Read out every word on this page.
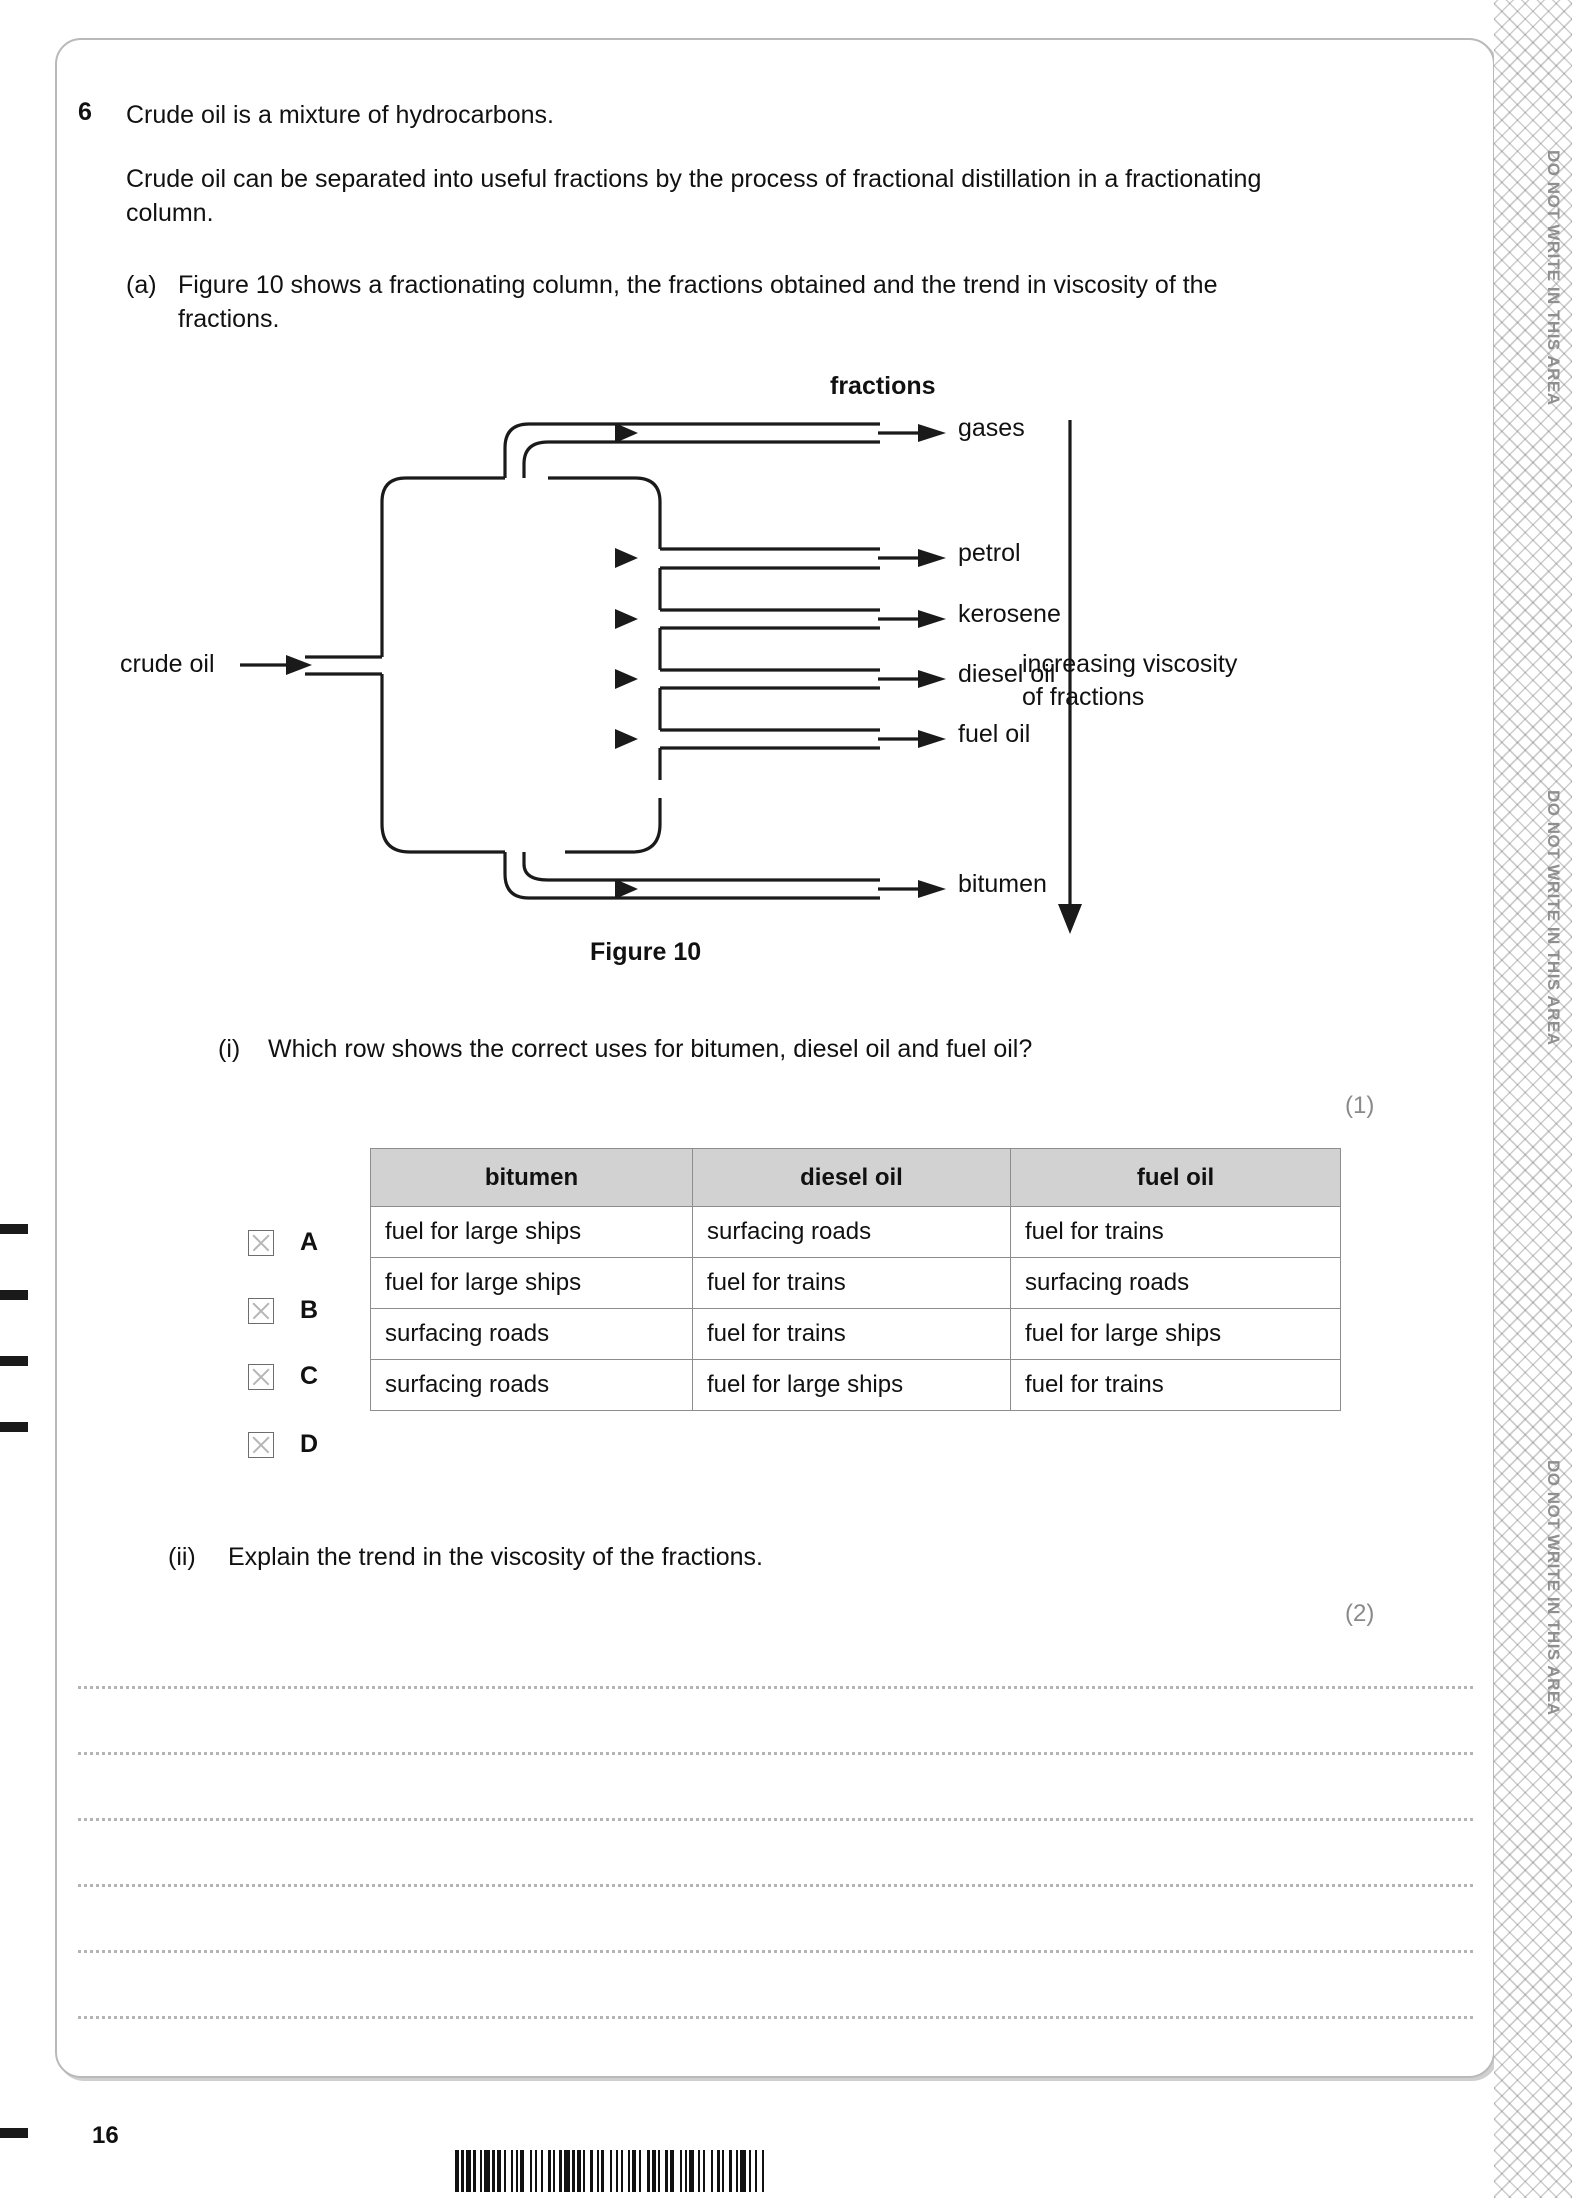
6 Crude oil is a mixture of hydrocarbons.
Crude oil can be separated into useful fractions by the process of fractional distillation in a fractionating column.
(a) Figure 10 shows a fractionating column, the fractions obtained and the trend in viscosity of the fractions.
fractions
gases
petrol
kerosene
diesel oil
fuel oil
bitumen
crude oil	increasing viscosity
of fractions
Figure 10
(i) Which row shows the correct uses for bitumen, diesel oil and fuel oil?
(1)
A
B
C
D
bitumen	diesel oil	fuel oil
fuel for large ships	surfacing roads	fuel for trains
fuel for large ships	fuel for trains	surfacing roads
surfacing roads	fuel for trains	fuel for large ships
surfacing roads	fuel for large ships	fuel for trains
(ii) Explain the trend in the viscosity of the fractions.
(2)
DO NOT WRITE IN THIS AREA
DO NOT WRITE IN THIS AREA
DO NOT WRITE IN THIS AREA
16
